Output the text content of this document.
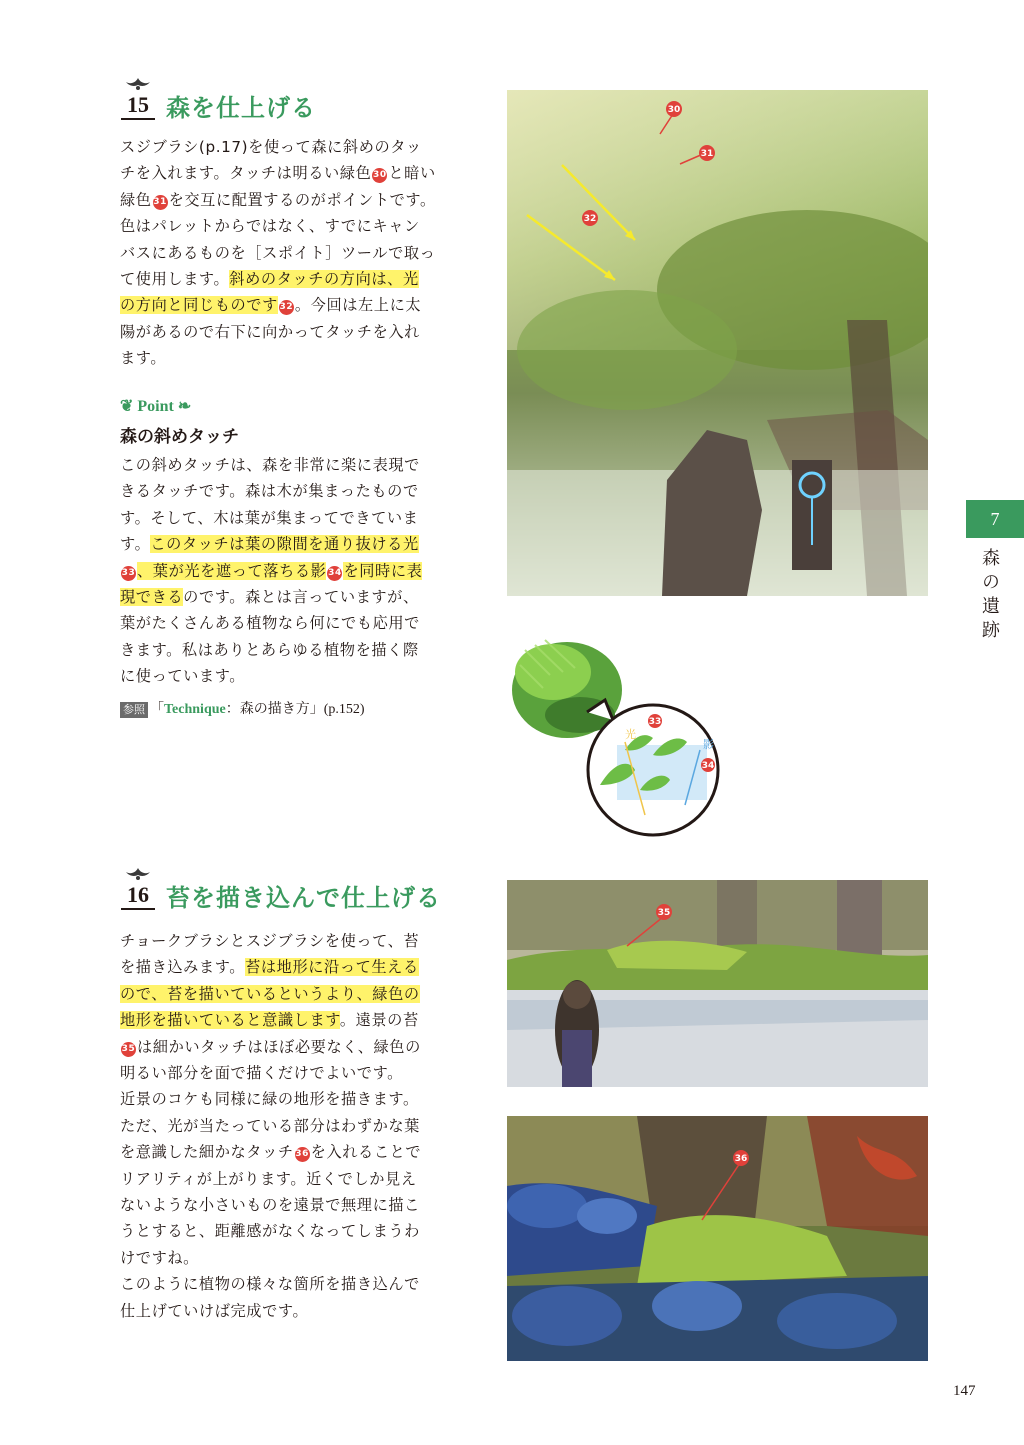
15 森を仕上げる

スジブラシ(p.17)を使って森に斜めのタッ

チを入れます。タッチは明るい緑色 30 と暗い

緑色 31 を交互に配置するのがポイントです。

色はパレットからではなく、すでにキャン

バスにあるものを［スポイト］ツールで取っ

て使用します。斜めのタッチの方向は、光

の方向と同じものです 32 。今回は左上に太

陽があるので右下に向かってタッチを入れ

ます。

❦ Point ❧
森の斜めタッチ

この斜めタッチは、森を非常に楽に表現で

きるタッチです。森は木が集まったもので

す。そして、木は葉が集まってできていま

す。このタッチは葉の隙間を通り抜ける光

33 、葉が光を遮って落ちる影 34 を同時に表

現できるのです。森とは言っていますが、

葉がたくさんある植物なら何にでも応用で

きます。私はありとあらゆる植物を描く際

に使っています。

参照 「Technique：森の描き方」(p.152)
16 苔を描き込んで仕上げる

チョークブラシとスジブラシを使って、苔

を描き込みます。苔は地形に沿って生える

ので、苔を描いているというより、緑色の

地形を描いていると意識します。遠景の苔

35 は細かいタッチはほぼ必要なく、緑色の

明るい部分を面で描くだけでよいです。

近景のコケも同様に緑の地形を描きます。

ただ、光が当たっている部分はわずかな葉

を意識した細かなタッチ 36 を入れることで

リアリティが上がります。近くでしか見え

ないような小さいものを遠景で無理に描こ

うとすると、距離感がなくなってしまうわ

けですね。

このように植物の様々な箇所を描き込んで

仕上げていけば完成です。

30
31
32
光
影
33
34
35
36
7
森の遺跡
147
